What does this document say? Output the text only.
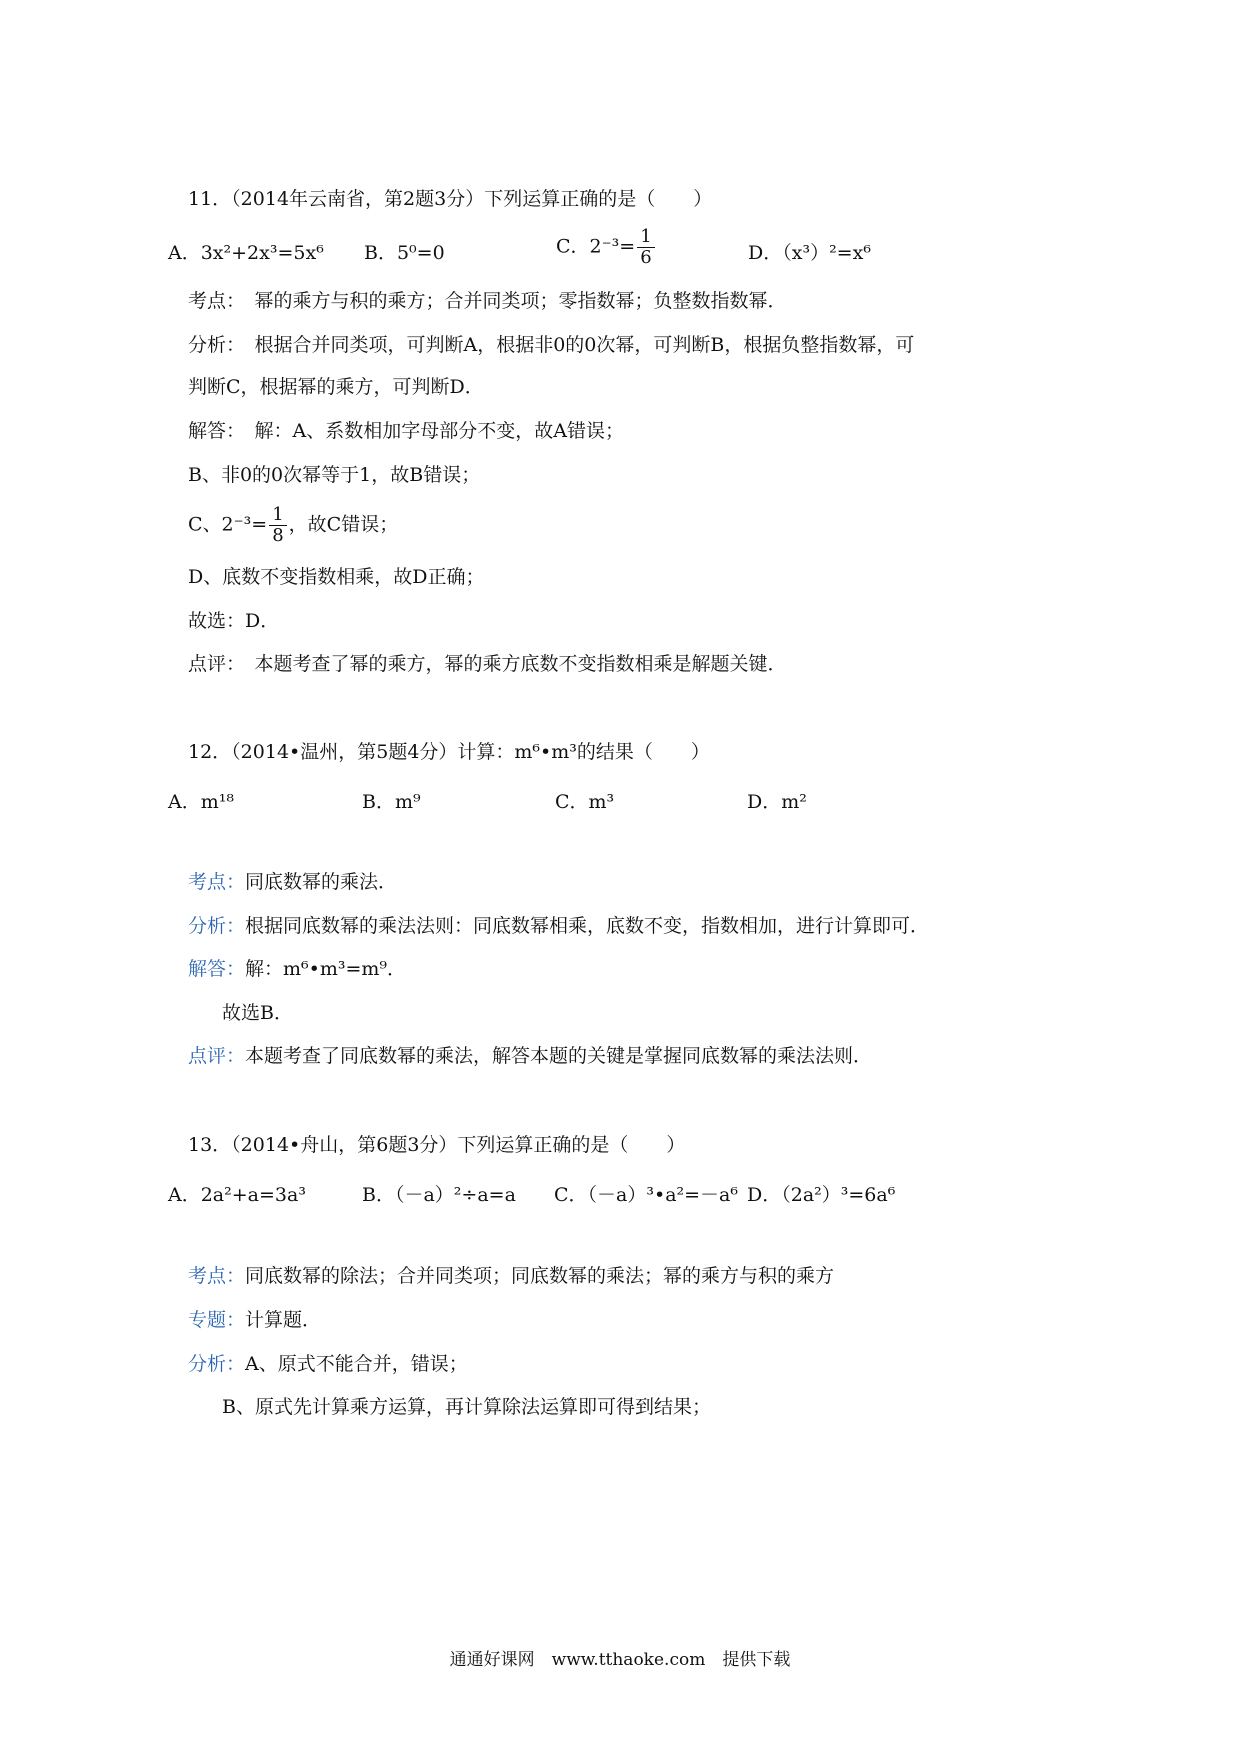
11．（2014年云南省，第2题3分）下列运算正确的是（　　）
A．3x²+2x³=5x⁶ B．5⁰=0	C．$2^{-3}= \frac{1}{6}$	D．（x³）²=x⁶
考点：　幂的乘方与积的乘方；合并同类项；零指数幂；负整数指数幂．
分析：　根据合并同类项，可判断A，根据非0的0次幂，可判断B，根据负整指数幂，可
判断C，根据幂的乘方，可判断D．
解答：　解：A、系数相加字母部分不变，故A错误；
B、非0的0次幂等于1，故B错误；
C、$2^{-3}= \frac{1}{8}$ ，故C错误；
D、底数不变指数相乘，故D正确；
故选：D．
点评：　本题考查了幂的乘方，幂的乘方底数不变指数相乘是解题关键．
12．（2014•温州，第5题4分）计算：m⁶•m³的结果（　　）
A．m¹⁸	B．m⁹	C．m³	D．m²
考点：同底数幂的乘法．
分析：根据同底数幂的乘法法则：同底数幂相乘，底数不变，指数相加，进行计算即可．
解答：解：m⁶•m³=m⁹．
故选B．
点评：本题考查了同底数幂的乘法，解答本题的关键是掌握同底数幂的乘法法则．
13．（2014•舟山，第6题3分）下列运算正确的是（　　）
A．2a²+a=3a³	B．（－a）²÷a=a C．（－a）³•a²=－a⁶ D．（2a²）³=6a⁶
考点：同底数幂的除法；合并同类项；同底数幂的乘法；幂的乘方与积的乘方
专题：计算题．
分析：A、原式不能合并，错误；
B、原式先计算乘方运算，再计算除法运算即可得到结果；
通通好课网　www.tthaoke.com　提供下载
